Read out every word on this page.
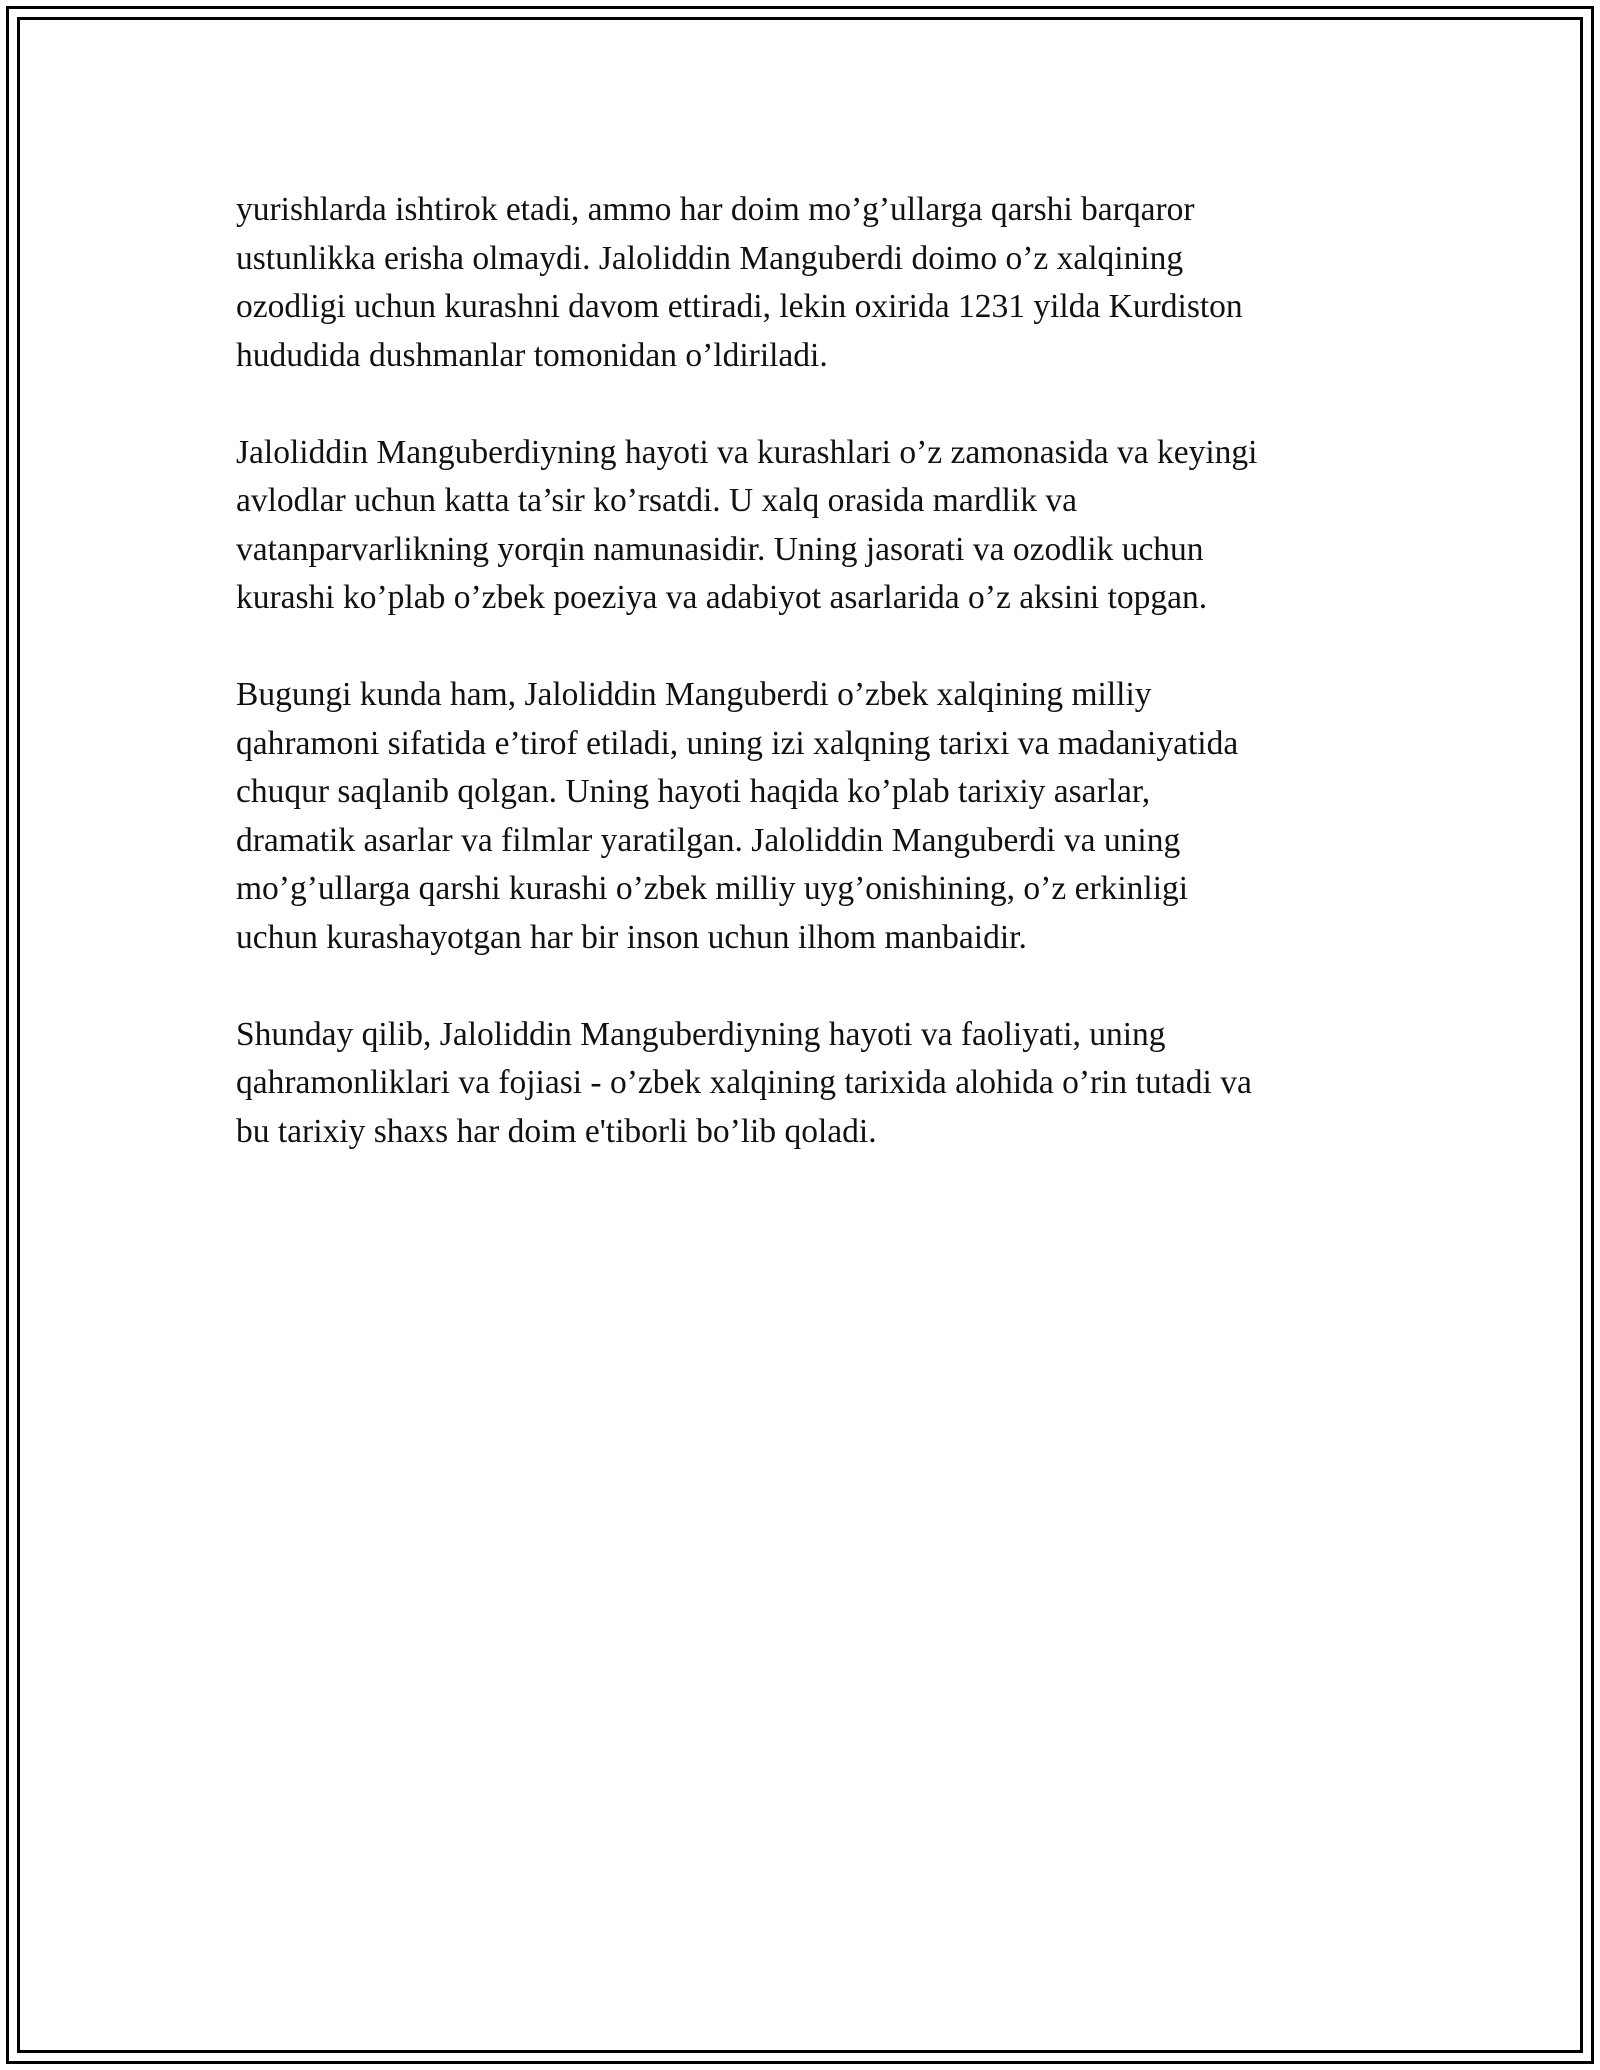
yurishlarda ishtirok etadi, ammo har doim mo’g’ullarga qarshi barqaror
ustunlikka erisha olmaydi. Jaloliddin Manguberdi doimo o’z xalqining
ozodligi uchun kurashni davom ettiradi, lekin oxirida 1231 yilda Kurdiston
hududida dushmanlar tomonidan o’ldiriladi.

Jaloliddin Manguberdiyning hayoti va kurashlari o’z zamonasida va keyingi
avlodlar uchun katta ta’sir ko’rsatdi. U xalq orasida mardlik va
vatanparvarlikning yorqin namunasidir. Uning jasorati va ozodlik uchun
kurashi ko’plab o’zbek poeziya va adabiyot asarlarida o’z aksini topgan.

Bugungi kunda ham, Jaloliddin Manguberdi o’zbek xalqining milliy
qahramoni sifatida e’tirof etiladi, uning izi xalqning tarixi va madaniyatida
chuqur saqlanib qolgan. Uning hayoti haqida ko’plab tarixiy asarlar,
dramatik asarlar va filmlar yaratilgan. Jaloliddin Manguberdi va uning
mo’g’ullarga qarshi kurashi o’zbek milliy uyg’onishining, o’z erkinligi
uchun kurashayotgan har bir inson uchun ilhom manbaidir.

Shunday qilib, Jaloliddin Manguberdiyning hayoti va faoliyati, uning
qahramonliklari va fojiasi - o’zbek xalqining tarixida alohida o’rin tutadi va
bu tarixiy shaxs har doim e'tiborli bo’lib qoladi.
